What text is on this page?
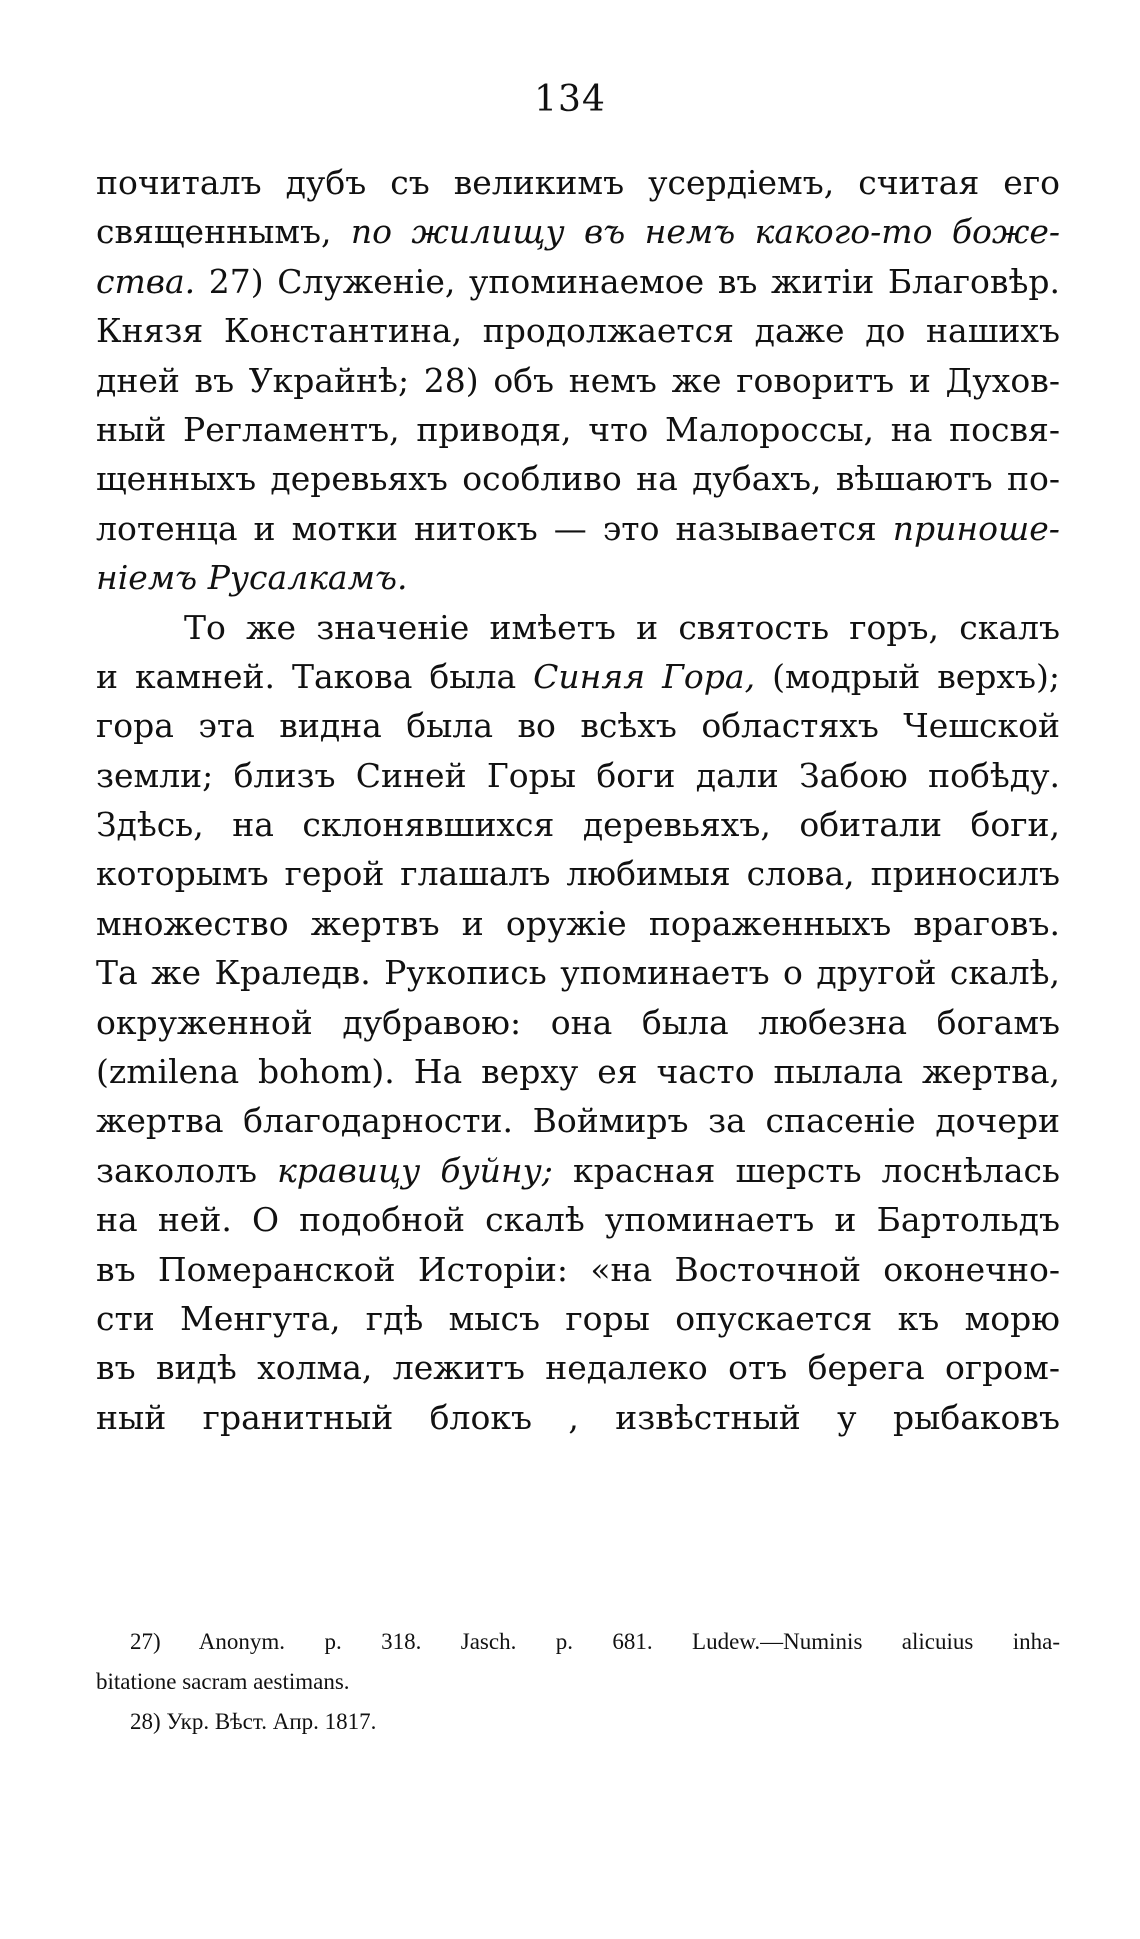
134
почиталъ дубъ съ великимъ усердіемъ, считая его
священнымъ, по жилищу въ немъ какого-то боже-
ства. 27) Служеніе, упоминаемое въ житіи Благовѣр.
Князя Константина, продолжается даже до нашихъ
дней въ Украйнѣ; 28) объ немъ же говоритъ и Духов-
ный Регламентъ, приводя, что Малороссы, на посвя-
щенныхъ деревьяхъ особливо на дубахъ, вѣшаютъ по-
лотенца и мотки нитокъ — это называется приноше-
ніемъ Русалкамъ.
То же значеніе имѣетъ и святость горъ, скалъ
и камней. Такова была Синяя Гора, (модрый верхъ);
гора эта видна была во всѣхъ областяхъ Чешской
земли; близъ Синей Горы боги дали Забою побѣду.
Здѣсь, на склонявшихся деревьяхъ, обитали боги,
которымъ герой глашалъ любимыя слова, приносилъ
множество жертвъ и оружіе пораженныхъ враговъ.
Та же Краледв. Рукопись упоминаетъ о другой скалѣ,
окруженной дубравою: она была любезна богамъ
(zmilena bohom). На верху ея часто пылала жертва,
жертва благодарности. Воймиръ за спасеніе дочери
закололъ кравицу буйну; красная шерсть лоснѣлась
на ней. О подобной скалѣ упоминаетъ и Бартольдъ
въ Померанской Исторіи: «на Восточной оконечно-
сти Менгута, гдѣ мысъ горы опускается къ морю
въ видѣ холма, лежитъ недалеко отъ берега огром-
ный гранитный блокъ , извѣстный у рыбаковъ
27) Anonym. p. 318. Jasch. p. 681. Ludew.—Numinis alicuius inha-
bitatione sacram aestimans.
28) Укр. Вѣст. Апр. 1817.
